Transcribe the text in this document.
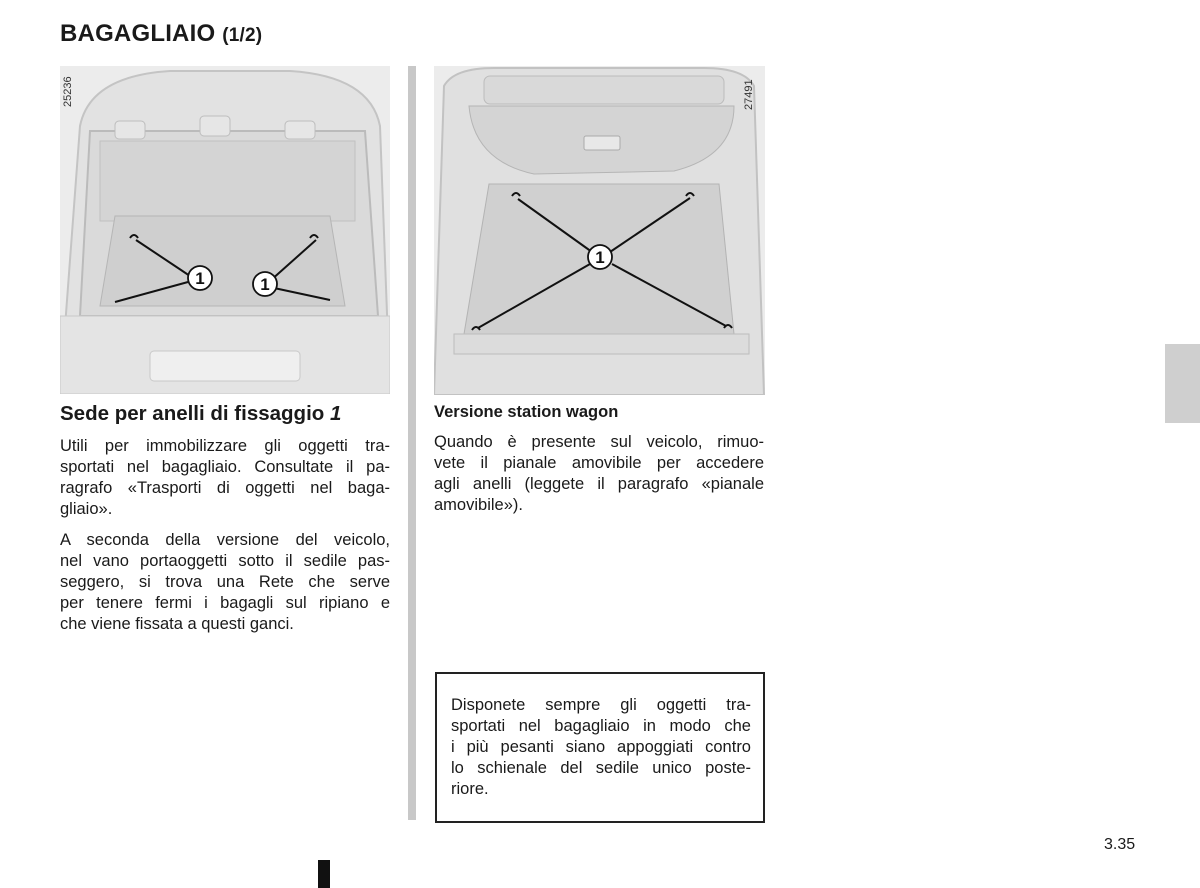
BAGAGLIAIO (1/2)
1	1
25236
1
27491
Sede per anelli di fissaggio 1
Utili per immobilizzare gli oggetti tra-
sportati nel bagagliaio. Consultate il pa-
ragrafo «Trasporti di oggetti nel baga-
gliaio».
A seconda della versione del veicolo,
nel vano portaoggetti sotto il sedile pas-
seggero, si trova una Rete che serve
per tenere fermi i bagagli sul ripiano e
che viene fissata a questi ganci.
Versione station wagon
Quando è presente sul veicolo, rimuo-
vete il pianale amovibile per accedere
agli anelli (leggete il paragrafo «pianale
amovibile»).
Disponete sempre gli oggetti tra-
sportati nel bagagliaio in modo che
i più pesanti siano appoggiati contro
lo schienale del sedile unico poste-
riore.
3.35
